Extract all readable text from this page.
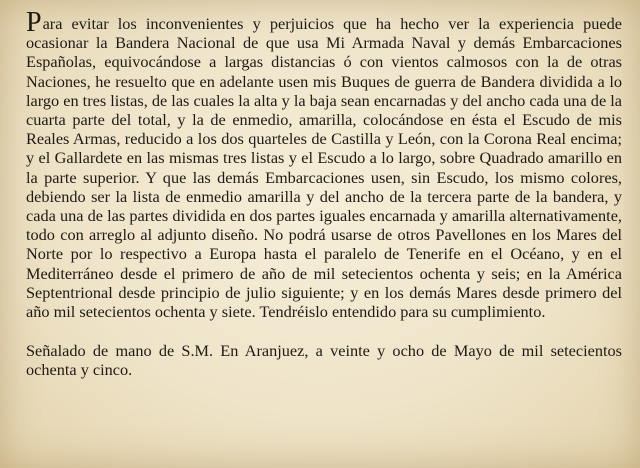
Para evitar los inconvenientes y perjuicios que ha hecho ver la experiencia puede ocasionar la Bandera Nacional de que usa Mi Armada Naval y demás Embarcaciones Españolas, equivocándose a largas distancias ó con vientos calmosos con la de otras Naciones, he resuelto que en adelante usen mis Buques de guerra de Bandera dividida a lo largo en tres listas, de las cuales la alta y la baja sean encarnadas y del ancho cada una de la cuarta parte del total, y la de enmedio, amarilla, colocándose en ésta el Escudo de mis Reales Armas, reducido a los dos quarteles de Castilla y León, con la Corona Real encima; y el Gallardete en las mismas tres listas y el Escudo a lo largo, sobre Quadrado amarillo en la parte superior. Y que las demás Embarcaciones usen, sin Escudo, los mismo colores, debiendo ser la lista de enmedio amarilla y del ancho de la tercera parte de la bandera, y cada una de las partes dividida en dos partes iguales encarnada y amarilla alternativamente, todo con arreglo al adjunto diseño. No podrá usarse de otros Pavellones en los Mares del Norte por lo respectivo a Europa hasta el paralelo de Tenerife en el Océano, y en el Mediterráneo desde el primero de año de mil setecientos ochenta y seis; en la América Septentrional desde principio de julio siguiente; y en los demás Mares desde primero del año mil setecientos ochenta y siete. Tendréislo entendido para su cumplimiento.

Señalado de mano de S.M. En Aranjuez, a veinte y ocho de Mayo de mil setecientos ochenta y cinco.
